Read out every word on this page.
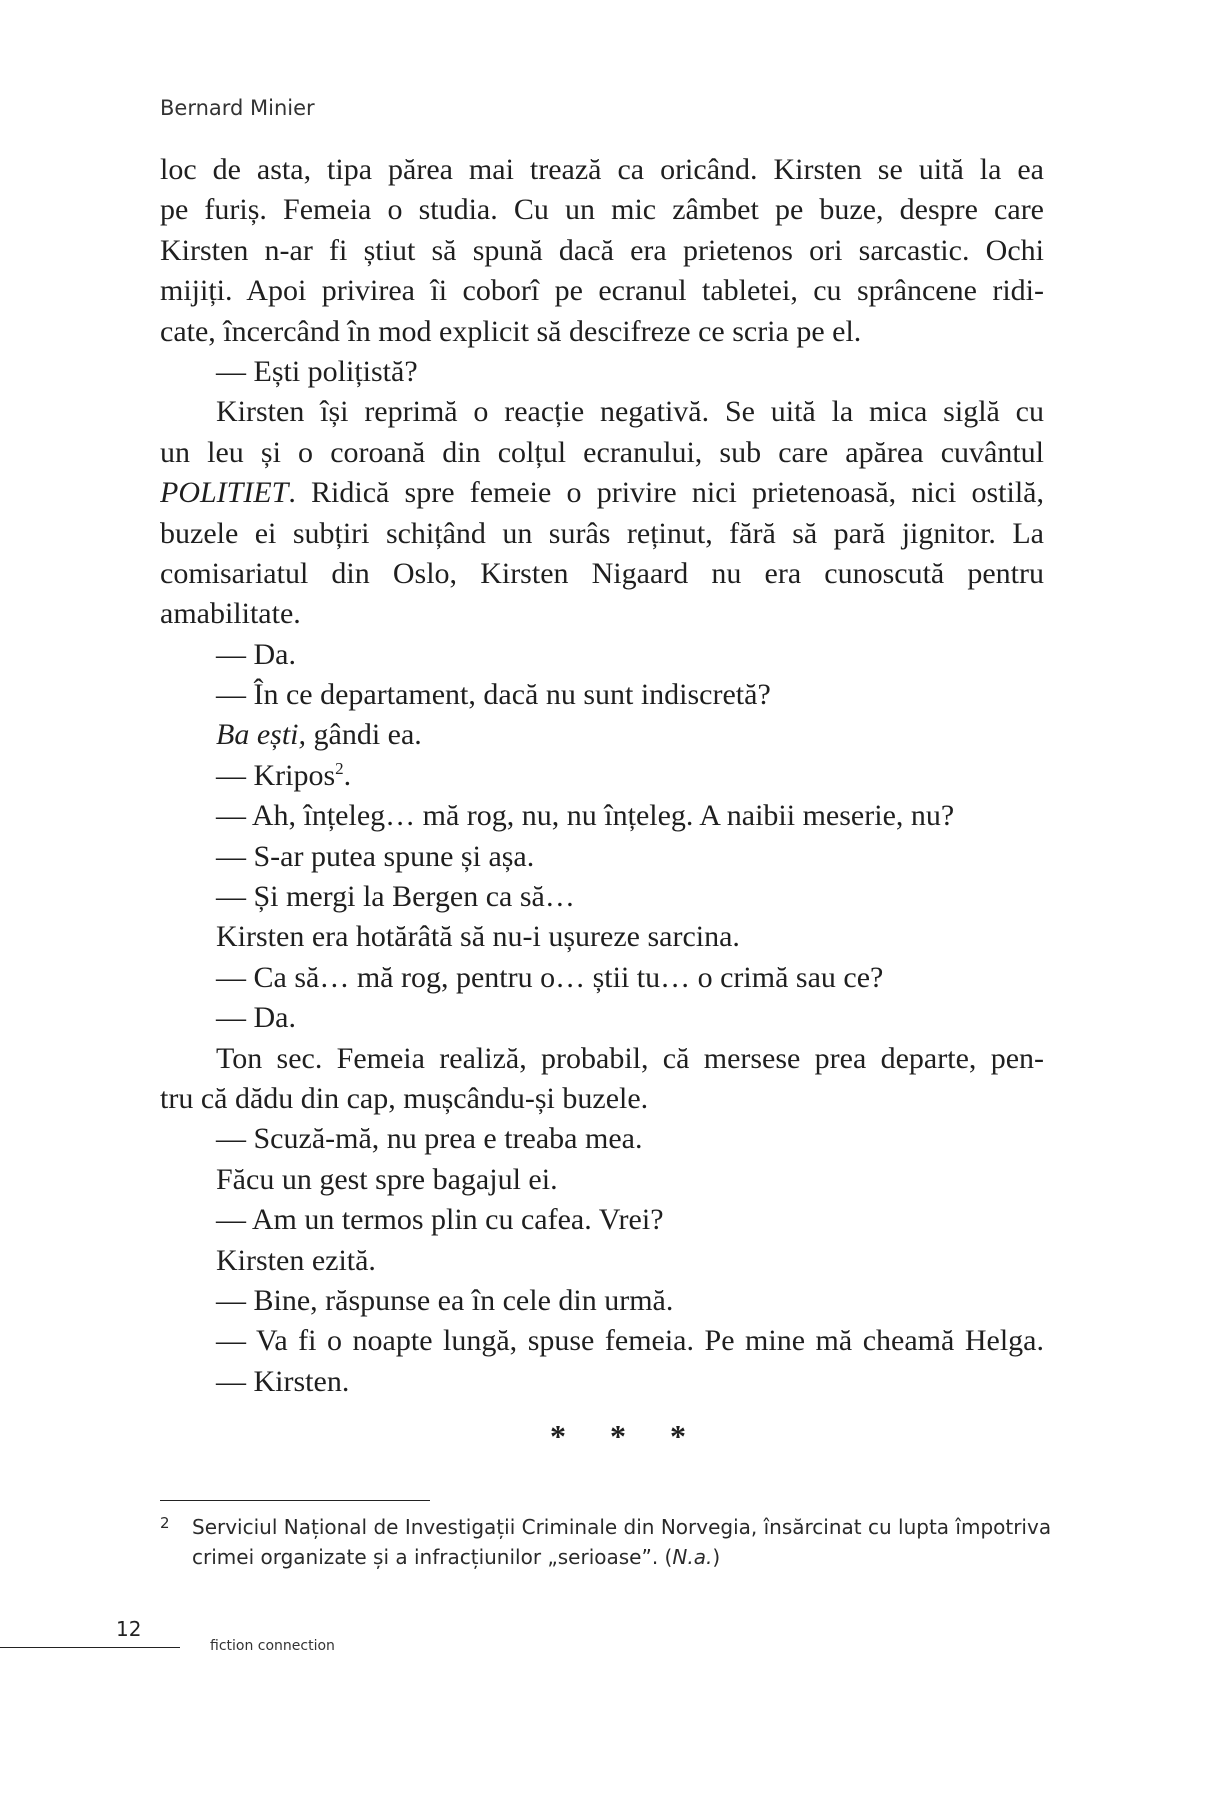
Bernard Minier
loc de asta, tipa părea mai trează ca oricând. Kirsten se uită la ea
pe furiș. Femeia o studia. Cu un mic zâmbet pe buze, despre care
Kirsten n-ar fi știut să spună dacă era prietenos ori sarcastic. Ochi
mijiți. Apoi privirea îi coborî pe ecranul tabletei, cu sprâncene ridi-
cate, încercând în mod explicit să descifreze ce scria pe el.
— Ești polițistă?
Kirsten își reprimă o reacție negativă. Se uită la mica siglă cu
un leu și o coroană din colțul ecranului, sub care apărea cuvântul
POLITIET. Ridică spre femeie o privire nici prietenoasă, nici ostilă,
buzele ei subțiri schițând un surâs reținut, fără să pară jignitor. La
comisariatul din Oslo, Kirsten Nigaard nu era cunoscută pentru
amabilitate.
— Da.
— În ce departament, dacă nu sunt indiscretă?
Ba ești, gândi ea.
— Kripos$^2$.
— Ah, înțeleg… mă rog, nu, nu înțeleg. A naibii meserie, nu?
— S-ar putea spune și așa.
— Și mergi la Bergen ca să…
Kirsten era hotărâtă să nu-i ușureze sarcina.
— Ca să… mă rog, pentru o… știi tu… o crimă sau ce?
— Da.
Ton sec. Femeia realiză, probabil, că mersese prea departe, pen-
tru că dădu din cap, mușcându-și buzele.
— Scuză-mă, nu prea e treaba mea.
Făcu un gest spre bagajul ei.
— Am un termos plin cu cafea. Vrei?
Kirsten ezită.
— Bine, răspunse ea în cele din urmă.
— Va fi o noapte lungă, spuse femeia. Pe mine mă cheamă Helga.
— Kirsten.
* * *
2 Serviciul Național de Investigații Criminale din Norvegia, însărcinat cu lupta împotriva
crimei organizate și a infracțiunilor „serioase”. (N.a.)
12
fiction connection
